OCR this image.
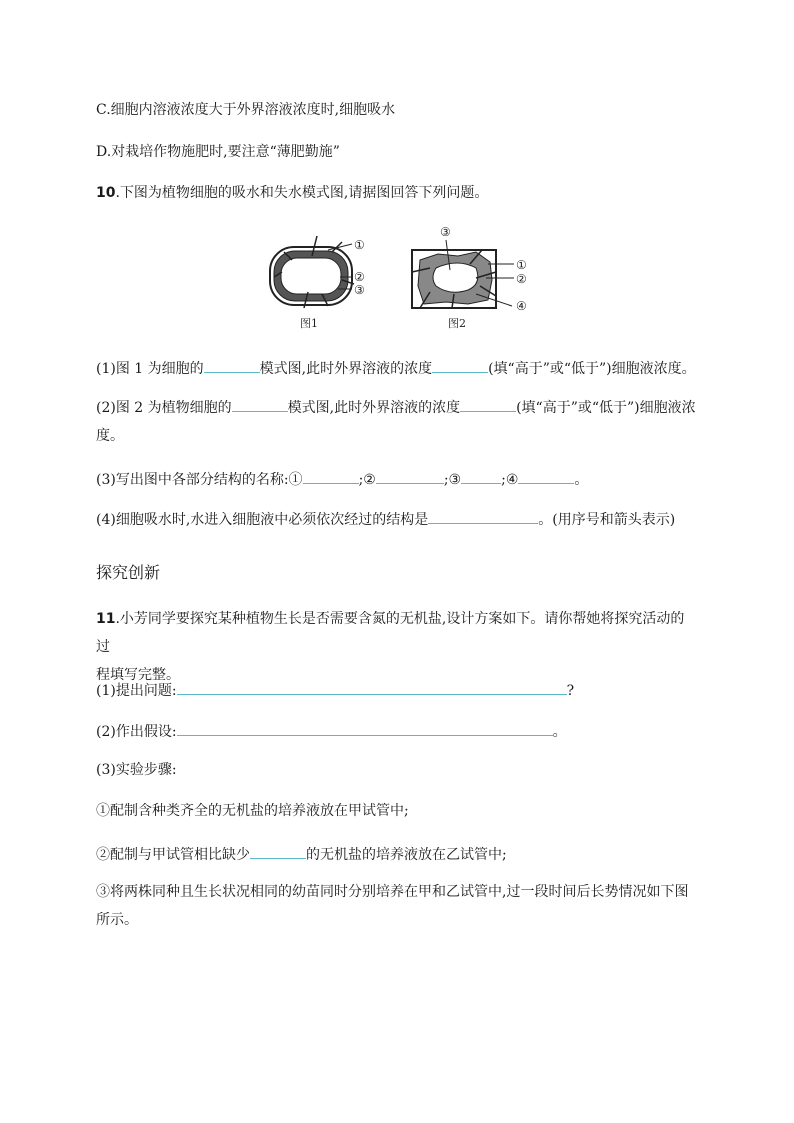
C.细胞内溶液浓度大于外界溶液浓度时,细胞吸水
D.对栽培作物施肥时,要注意“薄肥勤施”
10.下图为植物细胞的吸水和失水模式图,请据图回答下列问题。
①
②
③
③
①
②
④
图1	图2
(1)图 1 为细胞的	模式图,此时外界溶液的浓度	(填“高于”或“低于”)细胞液浓度。
(2)图 2 为植物细胞的	模式图,此时外界溶液的浓度	(填“高于”或“低于”)细胞液浓
度。
(3)写出图中各部分结构的名称:①	;②	;③	;④	。
(4)细胞吸水时,水进入细胞液中必须依次经过的结构是	。(用序号和箭头表示)
探究创新
11.小芳同学要探究某种植物生长是否需要含氮的无机盐,设计方案如下。请你帮她将探究活动的过
程填写完整。
(1)提出问题:	?
(2)作出假设:	。
(3)实验步骤:
①配制含种类齐全的无机盐的培养液放在甲试管中;
②配制与甲试管相比缺少	的无机盐的培养液放在乙试管中;
③将两株同种且生长状况相同的幼苗同时分别培养在甲和乙试管中,过一段时间后长势情况如下图
所示。
